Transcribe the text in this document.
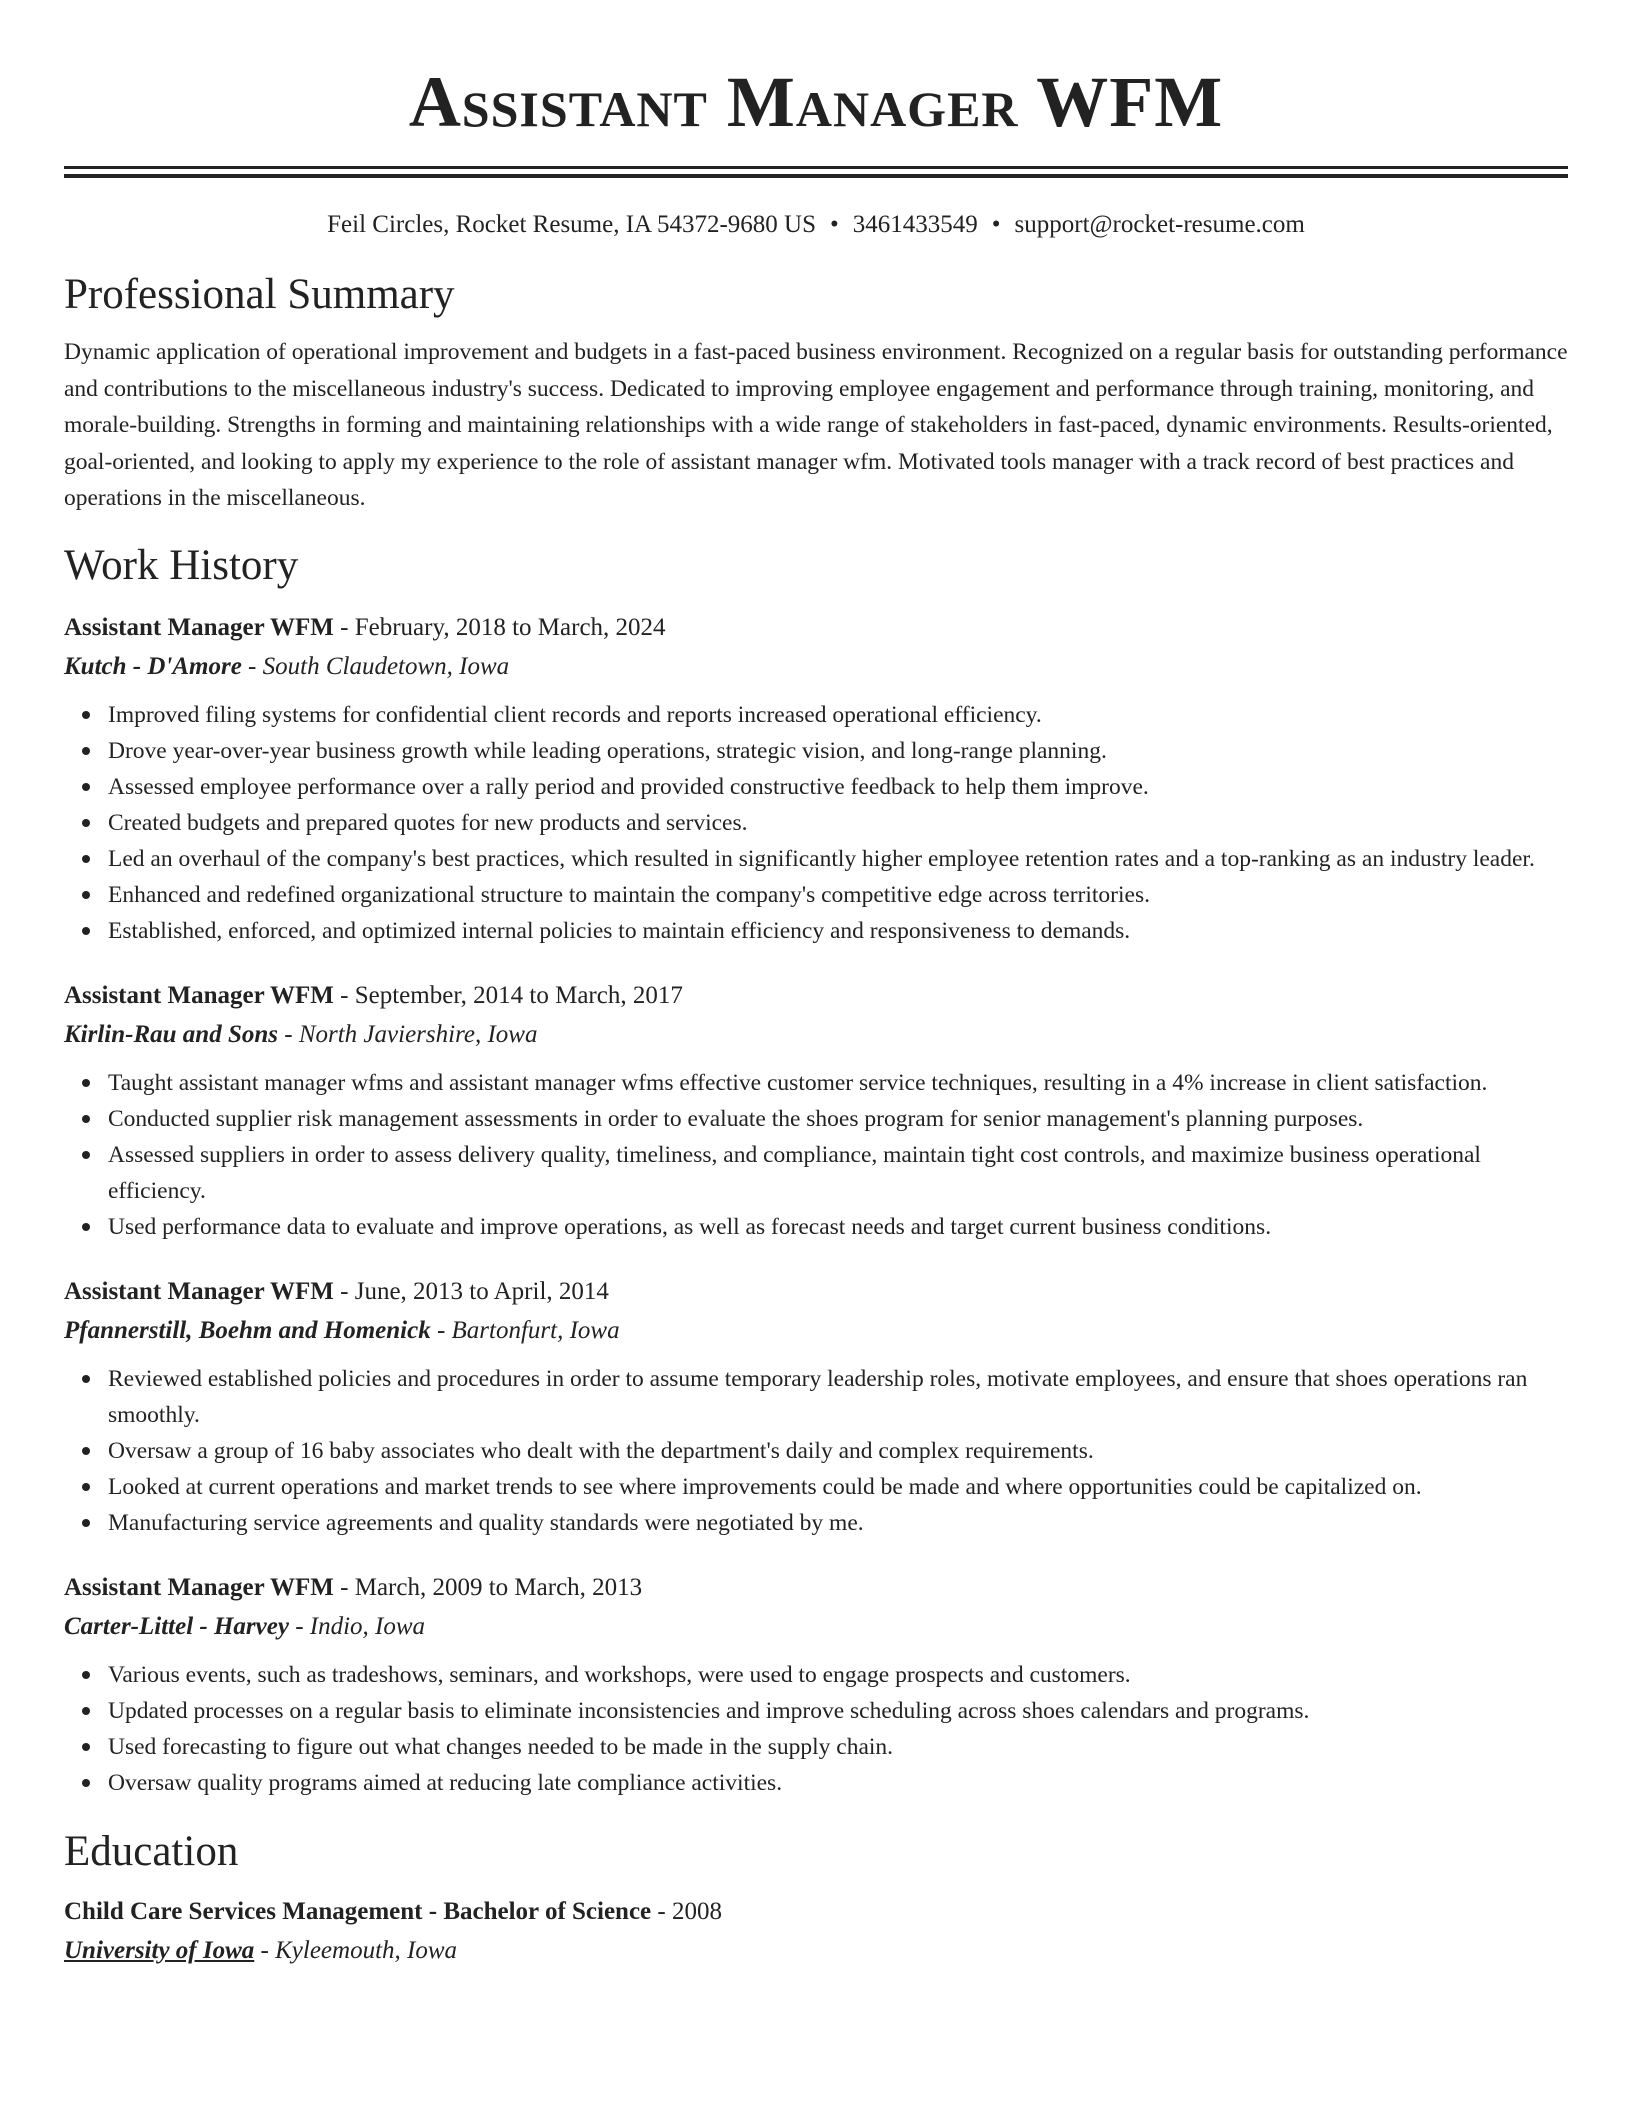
Assistant Manager WFM
Feil Circles, Rocket Resume, IA 54372-9680 US • 3461433549 • support@rocket-resume.com
Professional Summary
Dynamic application of operational improvement and budgets in a fast-paced business environment. Recognized on a regular basis for outstanding performance and contributions to the miscellaneous industry's success. Dedicated to improving employee engagement and performance through training, monitoring, and morale-building. Strengths in forming and maintaining relationships with a wide range of stakeholders in fast-paced, dynamic environments. Results-oriented, goal-oriented, and looking to apply my experience to the role of assistant manager wfm. Motivated tools manager with a track record of best practices and operations in the miscellaneous.
Work History
Assistant Manager WFM - February, 2018 to March, 2024
Kutch - D'Amore - South Claudetown, Iowa
Improved filing systems for confidential client records and reports increased operational efficiency.
Drove year-over-year business growth while leading operations, strategic vision, and long-range planning.
Assessed employee performance over a rally period and provided constructive feedback to help them improve.
Created budgets and prepared quotes for new products and services.
Led an overhaul of the company's best practices, which resulted in significantly higher employee retention rates and a top-ranking as an industry leader.
Enhanced and redefined organizational structure to maintain the company's competitive edge across territories.
Established, enforced, and optimized internal policies to maintain efficiency and responsiveness to demands.
Assistant Manager WFM - September, 2014 to March, 2017
Kirlin-Rau and Sons - North Javiershire, Iowa
Taught assistant manager wfms and assistant manager wfms effective customer service techniques, resulting in a 4% increase in client satisfaction.
Conducted supplier risk management assessments in order to evaluate the shoes program for senior management's planning purposes.
Assessed suppliers in order to assess delivery quality, timeliness, and compliance, maintain tight cost controls, and maximize business operational efficiency.
Used performance data to evaluate and improve operations, as well as forecast needs and target current business conditions.
Assistant Manager WFM - June, 2013 to April, 2014
Pfannerstill, Boehm and Homenick - Bartonfurt, Iowa
Reviewed established policies and procedures in order to assume temporary leadership roles, motivate employees, and ensure that shoes operations ran smoothly.
Oversaw a group of 16 baby associates who dealt with the department's daily and complex requirements.
Looked at current operations and market trends to see where improvements could be made and where opportunities could be capitalized on.
Manufacturing service agreements and quality standards were negotiated by me.
Assistant Manager WFM - March, 2009 to March, 2013
Carter-Littel - Harvey - Indio, Iowa
Various events, such as tradeshows, seminars, and workshops, were used to engage prospects and customers.
Updated processes on a regular basis to eliminate inconsistencies and improve scheduling across shoes calendars and programs.
Used forecasting to figure out what changes needed to be made in the supply chain.
Oversaw quality programs aimed at reducing late compliance activities.
Education
Child Care Services Management - Bachelor of Science - 2008
University of Iowa - Kyleemouth, Iowa
